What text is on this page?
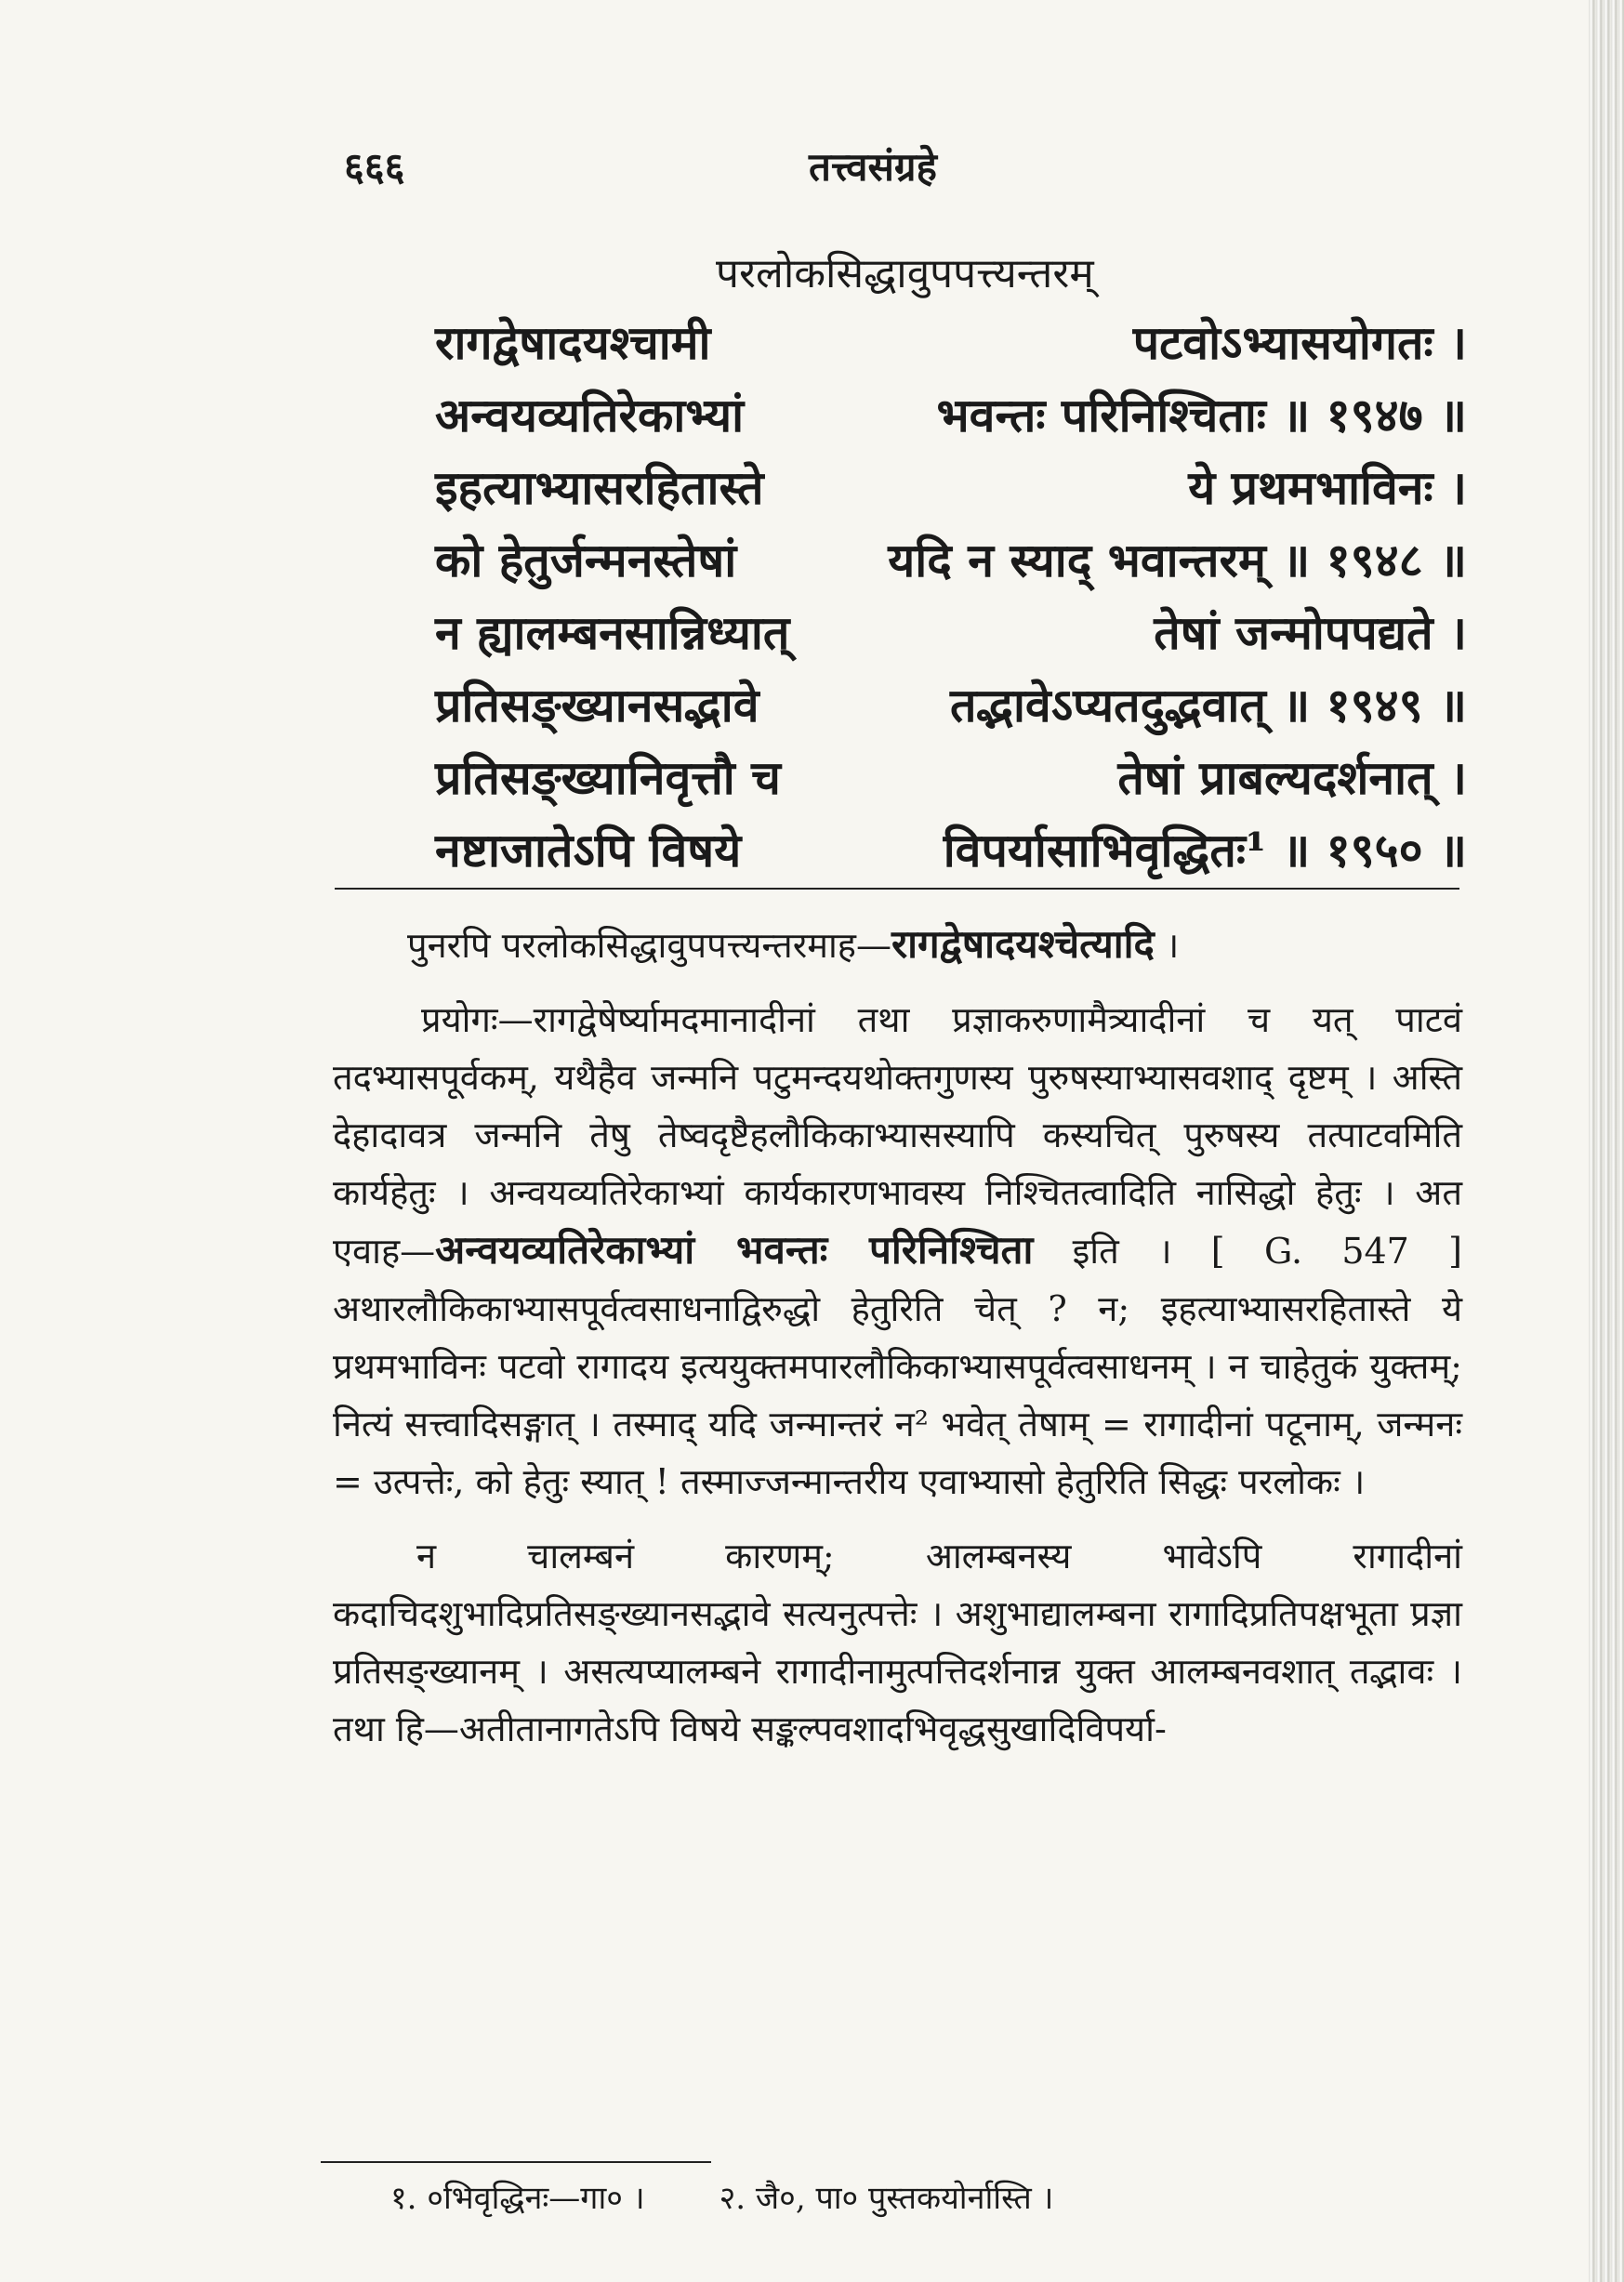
६६६	तत्त्वसंग्रहे
परलोकसिद्धावुपपत्त्यन्तरम्
रागद्वेषादयश्चामी	पटवोऽभ्यासयोगतः ।
अन्वयव्यतिरेकाभ्यां	भवन्तः परिनिश्चिताः ॥ १९४७ ॥
इहत्याभ्यासरहितास्ते	ये प्रथमभाविनः ।
को हेतुर्जन्मनस्तेषां	यदि न स्याद् भवान्तरम् ॥ १९४८ ॥
न ह्यालम्बनसान्निध्यात्	तेषां जन्मोपपद्यते ।
प्रतिसङ्ख्यानसद्भावे	तद्भावेऽप्यतदुद्भवात् ॥ १९४९ ॥
प्रतिसङ्ख्यानिवृत्तौ च	तेषां प्राबल्यदर्शनात् ।
नष्टाजातेऽपि विषये	विपर्यासाभिवृद्धितः¹ ॥ १९५० ॥

पुनरपि परलोकसिद्धावुपपत्त्यन्तरमाह—रागद्वेषादयश्चेत्यादि ।

प्रयोगः—रागद्वेषेर्ष्यामदमानादीनां तथा प्रज्ञाकरुणामैत्र्यादीनां च यत् पाटवं तदभ्यासपूर्वकम्, यथैहैव जन्मनि पटुमन्दयथोक्तगुणस्य पुरुषस्याभ्यासवशाद् दृष्टम् । अस्ति देहादावत्र जन्मनि तेषु तेष्वदृष्टैहलौकिकाभ्यासस्यापि कस्यचित् पुरुषस्य तत्पाटवमिति कार्यहेतुः । अन्वयव्यतिरेकाभ्यां कार्यकारणभावस्य निश्चितत्वादिति नासिद्धो हेतुः । अत एवाह—अन्वयव्यतिरेकाभ्यां भवन्तः परिनिश्चिता इति । [ G. 547 ] अथारलौकिकाभ्यासपूर्वत्वसाधनाद्विरुद्धो हेतुरिति चेत् ? न; इहत्याभ्यासरहितास्ते ये प्रथमभाविनः पटवो रागादय इत्ययुक्तमपारलौकिकाभ्यासपूर्वत्वसाधनम् । न चाहेतुकं युक्तम्; नित्यं सत्त्वादिसङ्गात् । तस्माद् यदि जन्मान्तरं न² भवेत् तेषाम् = रागादीनां पटूनाम्, जन्मनः = उत्पत्तेः, को हेतुः स्यात् ! तस्माज्जन्मान्तरीय एवाभ्यासो हेतुरिति सिद्धः परलोकः ।

न चालम्बनं कारणम्; आलम्बनस्य भावेऽपि रागादीनां कदाचिदशुभादिप्रतिसङ्ख्यानसद्भावे सत्यनुत्पत्तेः । अशुभाद्यालम्बना रागादिप्रतिपक्षभूता प्रज्ञा प्रतिसङ्ख्यानम् । असत्यप्यालम्बने रागादीनामुत्पत्तिदर्शनान्न युक्त आलम्बनवशात् तद्भावः । तथा हि—अतीतानागतेऽपि विषये सङ्कल्पवशादभिवृद्धसुखादिविपर्या-

१. ०भिवृद्धिनः—गा० । २. जै०, पा० पुस्तकयोर्नास्ति ।
